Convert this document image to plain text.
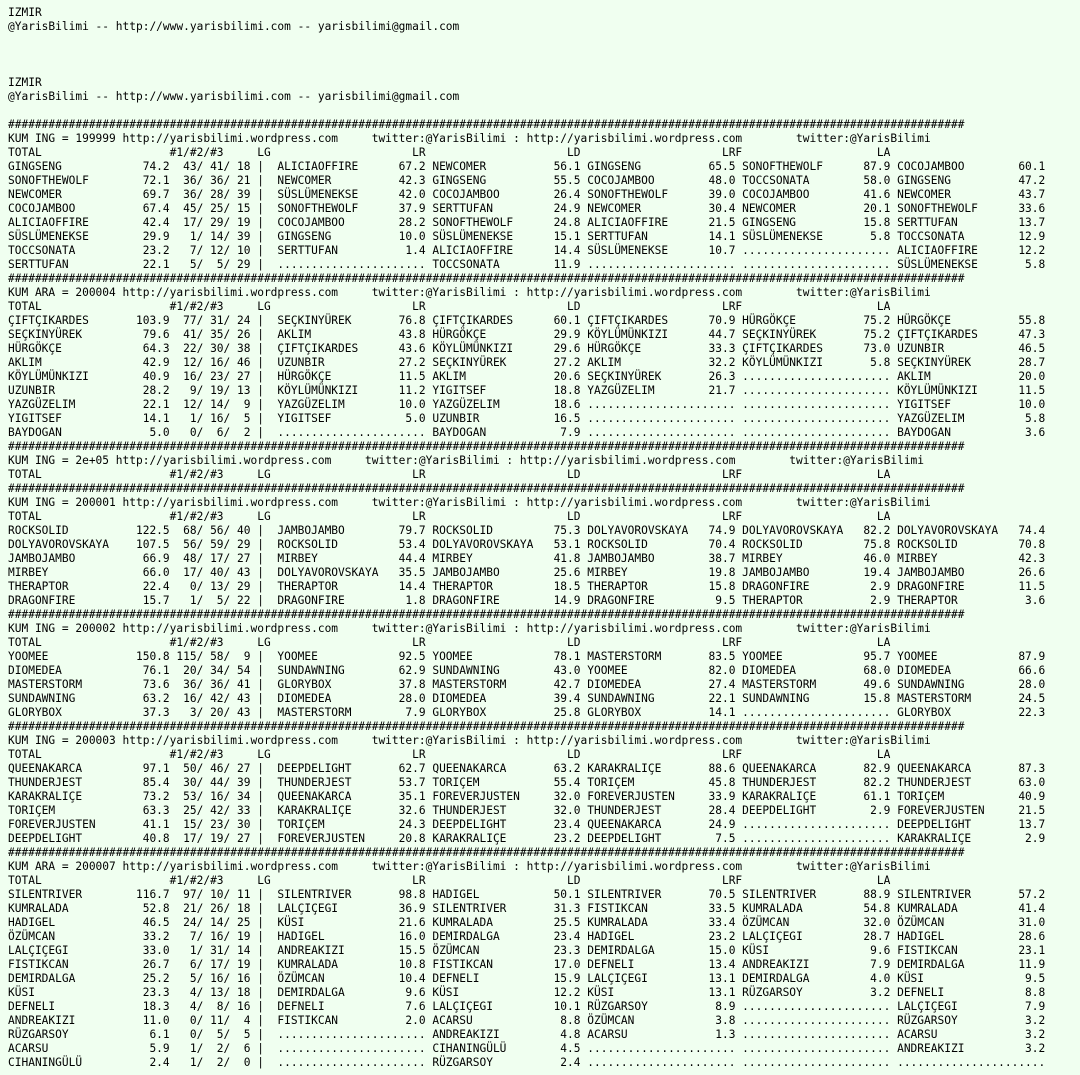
IZMIR
@YarisBilimi -- http://www.yarisbilimi.com -- yarisbilimi@gmail.com
IZMIR
@YarisBilimi -- http://www.yarisbilimi.com -- yarisbilimi@gmail.com
##############################################################################################################################################
KUM ING = 199999 http://yarisbilimi.wordpress.com     twitter:@YarisBilimi : http://yarisbilimi.wordpress.com        twitter:@YarisBilimi
TOTAL                   #1/#2/#3     LG                     LR                     LD                     LRF                    LA
GINGSENG            74.2  43/ 41/ 18 |  ALICIAOFFIRE      67.2 NEWCOMER          56.1 GINGSENG          65.5 SONOFTHEWOLF      87.9 COCOJAMBOO        60.1
SONOFTHEWOLF        72.1  36/ 36/ 21 |  NEWCOMER          42.3 GINGSENG          55.5 COCOJAMBOO        48.0 TOCCSONATA        58.0 GINGSENG          47.2
NEWCOMER            69.7  36/ 28/ 39 |  SÜSLÜMENEKSE      42.0 COCOJAMBOO        26.4 SONOFTHEWOLF      39.0 COCOJAMBOO        41.6 NEWCOMER          43.7
COCOJAMBOO          67.4  45/ 25/ 15 |  SONOFTHEWOLF      37.9 SERTTUFAN         24.9 NEWCOMER          30.4 NEWCOMER          20.1 SONOFTHEWOLF      33.6
ALICIAOFFIRE        42.4  17/ 29/ 19 |  COCOJAMBOO        28.2 SONOFTHEWOLF      24.8 ALICIAOFFIRE      21.5 GINGSENG          15.8 SERTTUFAN         13.7
SÜSLÜMENEKSE        29.9   1/ 14/ 39 |  GINGSENG          10.0 SÜSLÜMENEKSE      15.1 SERTTUFAN         14.1 SÜSLÜMENEKSE       5.8 TOCCSONATA        12.9
TOCCSONATA          23.2   7/ 12/ 10 |  SERTTUFAN          1.4 ALICIAOFFIRE      14.4 SÜSLÜMENEKSE      10.7 ...................... ALICIAOFFIRE      12.2
SERTTUFAN           22.1   5/  5/ 29 |  ...................... TOCCSONATA        11.9 ...................... ...................... SÜSLÜMENEKSE       5.8
##############################################################################################################################################
KUM ARA = 200004 http://yarisbilimi.wordpress.com     twitter:@YarisBilimi : http://yarisbilimi.wordpress.com        twitter:@YarisBilimi
TOTAL                   #1/#2/#3     LG                     LR                     LD                     LRF                    LA
ÇIFTÇIKARDES       103.9  77/ 31/ 24 |  SEÇKINYÜREK       76.8 ÇIFTÇIKARDES      60.1 ÇIFTÇIKARDES      70.9 HÜRGÖKÇE          75.2 HÜRGÖKÇE          55.8
SEÇKINYÜREK         79.6  41/ 35/ 26 |  AKLIM             43.8 HÜRGÖKÇE          29.9 KÖYLÜMÜNKIZI      44.7 SEÇKINYÜREK       75.2 ÇIFTÇIKARDES      47.3
HÜRGÖKÇE            64.3  22/ 30/ 38 |  ÇIFTÇIKARDES      43.6 KÖYLÜMÜNKIZI      29.6 HÜRGÖKÇE          33.3 ÇIFTÇIKARDES      73.0 UZUNBIR           46.5
AKLIM               42.9  12/ 16/ 46 |  UZUNBIR           27.2 SEÇKINYÜREK       27.2 AKLIM             32.2 KÖYLÜMÜNKIZI       5.8 SEÇKINYÜREK       28.7
KÖYLÜMÜNKIZI        40.9  16/ 23/ 27 |  HÜRGÖKÇE          11.5 AKLIM             20.6 SEÇKINYÜREK       26.3 ...................... AKLIM             20.0
UZUNBIR             28.2   9/ 19/ 13 |  KÖYLÜMÜNKIZI      11.2 YIGITSEF          18.8 YAZGÜZELIM        21.7 ...................... KÖYLÜMÜNKIZI      11.5
YAZGÜZELIM          22.1  12/ 14/  9 |  YAZGÜZELIM        10.0 YAZGÜZELIM        18.6 ...................... ...................... YIGITSEF          10.0
YIGITSEF            14.1   1/ 16/  5 |  YIGITSEF           5.0 UZUNBIR           16.5 ...................... ...................... YAZGÜZELIM         5.8
BAYDOGAN             5.0   0/  6/  2 |  ...................... BAYDOGAN           7.9 ...................... ...................... BAYDOGAN           3.6
##############################################################################################################################################
KUM ING = 2e+05 http://yarisbilimi.wordpress.com     twitter:@YarisBilimi : http://yarisbilimi.wordpress.com        twitter:@YarisBilimi
TOTAL                   #1/#2/#3     LG                     LR                     LD                     LRF                    LA
##############################################################################################################################################
KUM ING = 200001 http://yarisbilimi.wordpress.com     twitter:@YarisBilimi : http://yarisbilimi.wordpress.com        twitter:@YarisBilimi
TOTAL                   #1/#2/#3     LG                     LR                     LD                     LRF                    LA
ROCKSOLID          122.5  68/ 56/ 40 |  JAMBOJAMBO        79.7 ROCKSOLID         75.3 DOLYAVOROVSKAYA   74.9 DOLYAVOROVSKAYA   82.2 DOLYAVOROVSKAYA   74.4
DOLYAVOROVSKAYA    107.5  56/ 59/ 29 |  ROCKSOLID         53.4 DOLYAVOROVSKAYA   53.1 ROCKSOLID         70.4 ROCKSOLID         75.8 ROCKSOLID         70.8
JAMBOJAMBO          66.9  48/ 17/ 27 |  MIRBEY            44.4 MIRBEY            41.8 JAMBOJAMBO        38.7 MIRBEY            46.0 MIRBEY            42.3
MIRBEY              66.0  17/ 40/ 43 |  DOLYAVOROVSKAYA   35.5 JAMBOJAMBO        25.6 MIRBEY            19.8 JAMBOJAMBO        19.4 JAMBOJAMBO        26.6
THERAPTOR           22.4   0/ 13/ 29 |  THERAPTOR         14.4 THERAPTOR         18.5 THERAPTOR         15.8 DRAGONFIRE         2.9 DRAGONFIRE        11.5
DRAGONFIRE          15.7   1/  5/ 22 |  DRAGONFIRE         1.8 DRAGONFIRE        14.9 DRAGONFIRE         9.5 THERAPTOR          2.9 THERAPTOR          3.6
##############################################################################################################################################
KUM ING = 200002 http://yarisbilimi.wordpress.com     twitter:@YarisBilimi : http://yarisbilimi.wordpress.com        twitter:@YarisBilimi
TOTAL                   #1/#2/#3     LG                     LR                     LD                     LRF                    LA
YOOMEE             150.8 115/ 58/  9 |  YOOMEE            92.5 YOOMEE            78.1 MASTERSTORM       83.5 YOOMEE            95.7 YOOMEE            87.9
DIOMEDEA            76.1  20/ 34/ 54 |  SUNDAWNING        62.9 SUNDAWNING        43.0 YOOMEE            82.0 DIOMEDEA          68.0 DIOMEDEA          66.6
MASTERSTORM         73.6  36/ 36/ 41 |  GLORYBOX          37.8 MASTERSTORM       42.7 DIOMEDEA          27.4 MASTERSTORM       49.6 SUNDAWNING        28.0
SUNDAWNING          63.2  16/ 42/ 43 |  DIOMEDEA          28.0 DIOMEDEA          39.4 SUNDAWNING        22.1 SUNDAWNING        15.8 MASTERSTORM       24.5
GLORYBOX            37.3   3/ 20/ 43 |  MASTERSTORM        7.9 GLORYBOX          25.8 GLORYBOX          14.1 ...................... GLORYBOX          22.3
##############################################################################################################################################
KUM ING = 200003 http://yarisbilimi.wordpress.com     twitter:@YarisBilimi : http://yarisbilimi.wordpress.com        twitter:@YarisBilimi
TOTAL                   #1/#2/#3     LG                     LR                     LD                     LRF                    LA
QUEENAKARCA         97.1  50/ 46/ 27 |  DEEPDELIGHT       62.7 QUEENAKARCA       63.2 KARAKRALIÇE       88.6 QUEENAKARCA       82.9 QUEENAKARCA       87.3
THUNDERJEST         85.4  30/ 44/ 39 |  THUNDERJEST       53.7 TORIÇEM           55.4 TORIÇEM           45.8 THUNDERJEST       82.2 THUNDERJEST       63.0
KARAKRALIÇE         73.2  53/ 16/ 34 |  QUEENAKARCA       35.1 FOREVERJUSTEN     32.0 FOREVERJUSTEN     33.9 KARAKRALIÇE       61.1 TORIÇEM           40.9
TORIÇEM             63.3  25/ 42/ 33 |  KARAKRALIÇE       32.6 THUNDERJEST       32.0 THUNDERJEST       28.4 DEEPDELIGHT        2.9 FOREVERJUSTEN     21.5
FOREVERJUSTEN       41.1  15/ 23/ 30 |  TORIÇEM           24.3 DEEPDELIGHT       23.4 QUEENAKARCA       24.9 ...................... DEEPDELIGHT       13.7
DEEPDELIGHT         40.8  17/ 19/ 27 |  FOREVERJUSTEN     20.8 KARAKRALIÇE       23.2 DEEPDELIGHT        7.5 ...................... KARAKRALIÇE        2.9
##############################################################################################################################################
KUM ARA = 200007 http://yarisbilimi.wordpress.com     twitter:@YarisBilimi : http://yarisbilimi.wordpress.com        twitter:@YarisBilimi
TOTAL                   #1/#2/#3     LG                     LR                     LD                     LRF                    LA
SILENTRIVER        116.7  97/ 10/ 11 |  SILENTRIVER       98.8 HADIGEL           50.1 SILENTRIVER       70.5 SILENTRIVER       88.9 SILENTRIVER       57.2
KUMRALADA           52.8  21/ 26/ 18 |  LALÇIÇEGI         36.9 SILENTRIVER       31.3 FISTIKCAN         33.5 KUMRALADA         54.8 KUMRALADA         41.4
HADIGEL             46.5  24/ 14/ 25 |  KÜSI              21.6 KUMRALADA         25.5 KUMRALADA         33.4 ÖZÜMCAN           32.0 ÖZÜMCAN           31.0
ÖZÜMCAN             33.2   7/ 16/ 19 |  HADIGEL           16.0 DEMIRDALGA        23.4 HADIGEL           23.2 LALÇIÇEGI         28.7 HADIGEL           28.6
LALÇIÇEGI           33.0   1/ 31/ 14 |  ANDREAKIZI        15.5 ÖZÜMCAN           23.3 DEMIRDALGA        15.0 KÜSI               9.6 FISTIKCAN         23.1
FISTIKCAN           26.7   6/ 17/ 19 |  KUMRALADA         10.8 FISTIKCAN         17.0 DEFNELI           13.4 ANDREAKIZI         7.9 DEMIRDALGA        11.9
DEMIRDALGA          25.2   5/ 16/ 16 |  ÖZÜMCAN           10.4 DEFNELI           15.9 LALÇIÇEGI         13.1 DEMIRDALGA         4.0 KÜSI               9.5
KÜSI                23.3   4/ 13/ 18 |  DEMIRDALGA         9.6 KÜSI              12.2 KÜSI              13.1 RÜZGARSOY          3.2 DEFNELI            8.8
DEFNELI             18.3   4/  8/ 16 |  DEFNELI            7.6 LALÇIÇEGI         10.1 RÜZGARSOY          8.9 ...................... LALÇIÇEGI          7.9
ANDREAKIZI          11.0   0/ 11/  4 |  FISTIKCAN          2.0 ACARSU             8.8 ÖZÜMCAN            3.8 ...................... RÜZGARSOY          3.2
RÜZGARSOY            6.1   0/  5/  5 |  ...................... ANDREAKIZI         4.8 ACARSU             1.3 ...................... ACARSU             3.2
ACARSU               5.9   1/  2/  6 |  ...................... CIHANINGÜLÜ        4.5 ...................... ...................... ANDREAKIZI         3.2
CIHANINGÜLÜ          2.4   1/  2/  0 |  ...................... RÜZGARSOY          2.4 ...................... ...................... ......................
